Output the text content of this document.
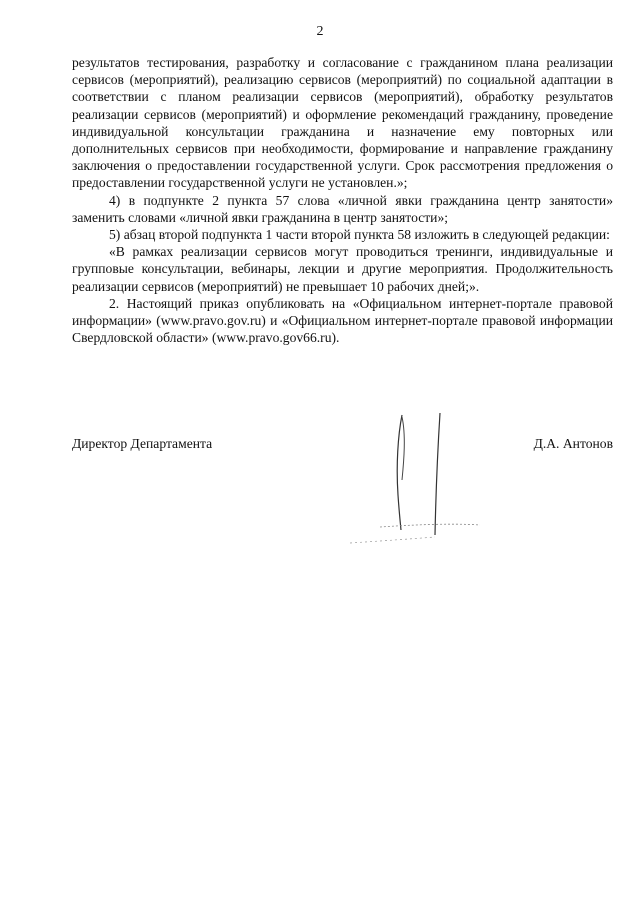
2

результатов тестирования, разработку и согласование с гражданином плана реализации сервисов (мероприятий), реализацию сервисов (мероприятий) по социальной адаптации в соответствии с планом реализации сервисов (мероприятий), обработку результатов реализации сервисов (мероприятий) и оформление рекомендаций гражданину, проведение индивидуальной консультации гражданина и назначение ему повторных или дополнительных сервисов при необходимости, формирование и направление гражданину заключения о предоставлении государственной услуги. Срок рассмотрения предложения о предоставлении государственной услуги не установлен.»;

4) в подпункте 2 пункта 57 слова «личной явки гражданина центр занятости» заменить словами «личной явки гражданина в центр занятости»;

5) абзац второй подпункта 1 части второй пункта 58 изложить в следующей редакции:

«В рамках реализации сервисов могут проводиться тренинги, индивидуальные и групповые консультации, вебинары, лекции и другие мероприятия. Продолжительность реализации сервисов (мероприятий) не превышает 10 рабочих дней;».

2. Настоящий приказ опубликовать на «Официальном интернет-портале правовой информации» (www.pravo.gov.ru) и «Официальном интернет-портале правовой информации Свердловской области» (www.pravo.gov66.ru).

Директор Департамента	Д.А. Антонов
